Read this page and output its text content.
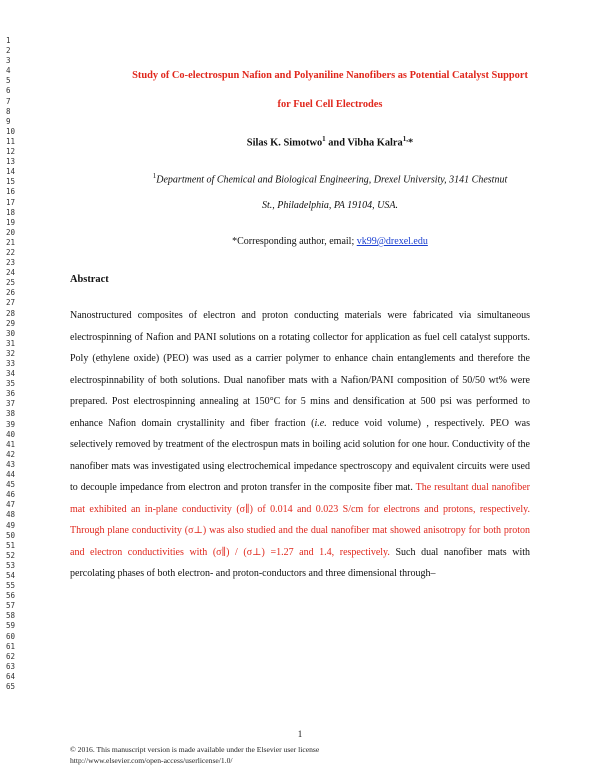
1
2
3
4
5
6
7
8
9
10
11
12
13
14
15
16
17
18
19
20
21
22
23
24
25
26
27
28
29
30
31
32
33
34
35
36
37
38
39
40
41
42
43
44
45
46
47
48
49
50
51
52
53
54
55
56
57
58
59
60
61
62
63
64
65
Study of Co-electrospun Nafion and Polyaniline Nanofibers as Potential Catalyst Support
for Fuel Cell Electrodes
Silas K. Simotwo$^1$ and Vibha Kalra$^{1,}$*
$^1$Department of Chemical and Biological Engineering, Drexel University, 3141 Chestnut
St., Philadelphia, PA 19104, USA.
*Corresponding author, email; vk99@drexel.edu
Abstract
Nanostructured composites of electron and proton conducting materials were fabricated via simultaneous electrospinning of Nafion and PANI solutions on a rotating collector for application as fuel cell catalyst supports. Poly (ethylene oxide) (PEO) was used as a carrier polymer to enhance chain entanglements and therefore the electrospinnability of both solutions. Dual nanofiber mats with a Nafion/PANI composition of 50/50 wt% were prepared. Post electrospinning annealing at 150°C for 5 mins and densification at 500 psi was performed to enhance Nafion domain crystallinity and fiber fraction (i.e. reduce void volume) , respectively. PEO was selectively removed by treatment of the electrospun mats in boiling acid solution for one hour. Conductivity of the nanofiber mats was investigated using electrochemical impedance spectroscopy and equivalent circuits were used to decouple impedance from electron and proton transfer in the composite fiber mat. The resultant dual nanofiber mat exhibited an in-plane conductivity (σ∥) of 0.014 and 0.023 S/cm for electrons and protons, respectively. Through plane conductivity (σ⊥) was also studied and the dual nanofiber mat showed anisotropy for both proton and electron conductivities with (σ∥) / (σ⊥) =1.27 and 1.4, respectively. Such dual nanofiber mats with percolating phases of both electron- and proton-conductors and three dimensional through–
1
© 2016. This manuscript version is made available under the Elsevier user license
http://www.elsevier.com/open-access/userlicense/1.0/
